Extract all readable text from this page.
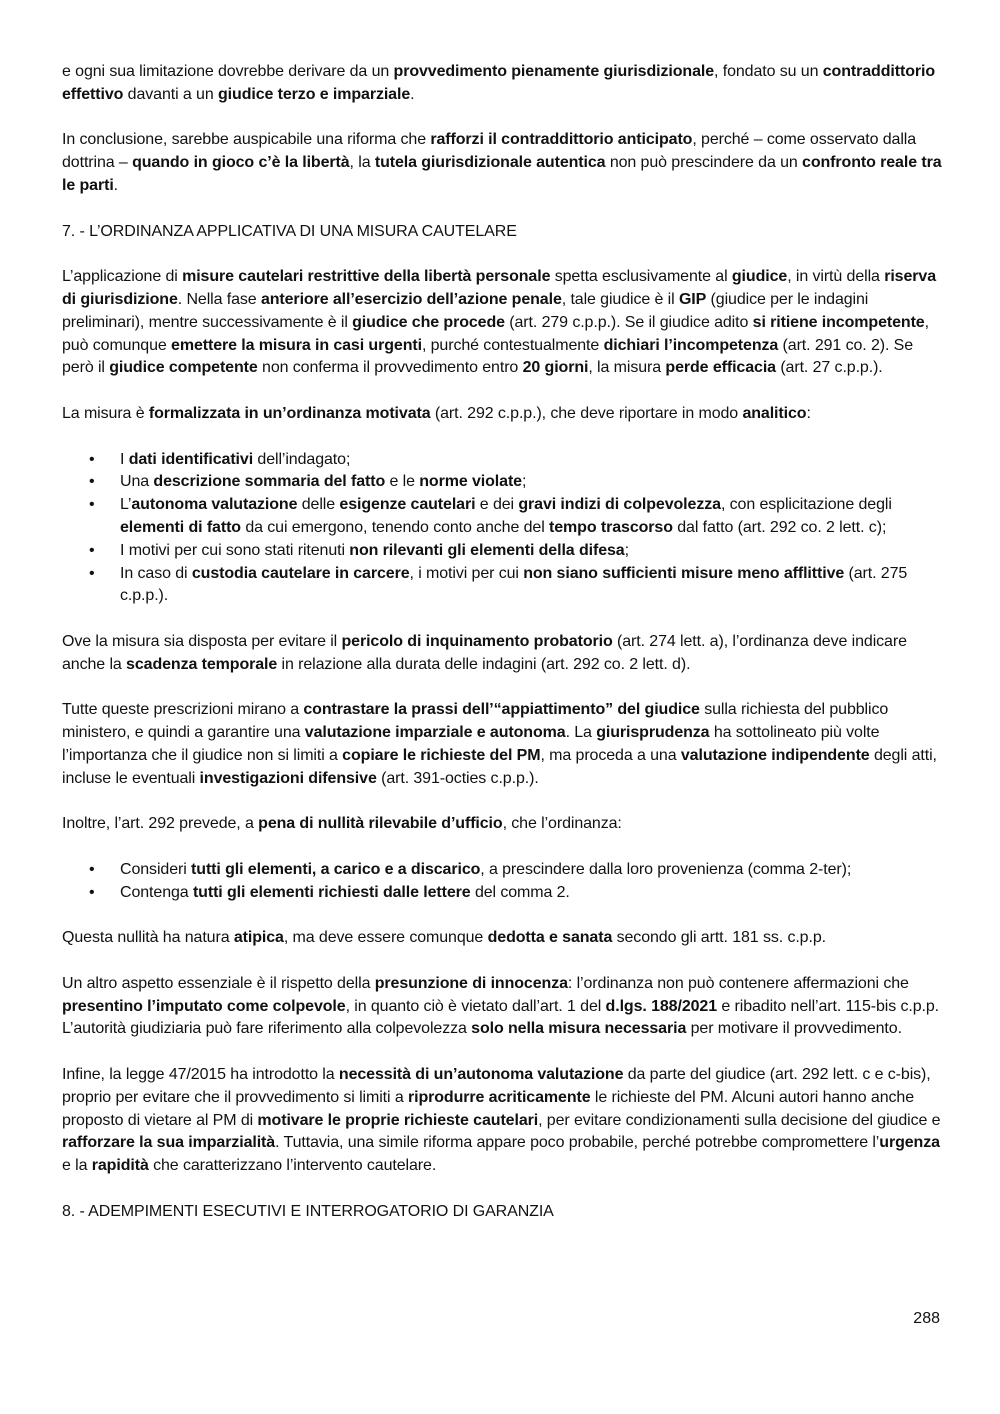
e ogni sua limitazione dovrebbe derivare da un provvedimento pienamente giurisdizionale, fondato su un contraddittorio effettivo davanti a un giudice terzo e imparziale.

In conclusione, sarebbe auspicabile una riforma che rafforzi il contraddittorio anticipato, perché – come osservato dalla dottrina – quando in gioco c’è la libertà, la tutela giurisdizionale autentica non può prescindere da un confronto reale tra le parti.

7. - L’ORDINANZA APPLICATIVA DI UNA MISURA CAUTELARE

L’applicazione di misure cautelari restrittive della libertà personale spetta esclusivamente al giudice, in virtù della riserva di giurisdizione. Nella fase anteriore all’esercizio dell’azione penale, tale giudice è il GIP (giudice per le indagini preliminari), mentre successivamente è il giudice che procede (art. 279 c.p.p.). Se il giudice adito si ritiene incompetente, può comunque emettere la misura in casi urgenti, purché contestualmente dichiari l’incompetenza (art. 291 co. 2). Se però il giudice competente non conferma il provvedimento entro 20 giorni, la misura perde efficacia (art. 27 c.p.p.).

La misura è formalizzata in un’ordinanza motivata (art. 292 c.p.p.), che deve riportare in modo analitico:

• I dati identificativi dell’indagato;
• Una descrizione sommaria del fatto e le norme violate;
• L’autonoma valutazione delle esigenze cautelari e dei gravi indizi di colpevolezza, con esplicitazione degli elementi di fatto da cui emergono, tenendo conto anche del tempo trascorso dal fatto (art. 292 co. 2 lett. c);
• I motivi per cui sono stati ritenuti non rilevanti gli elementi della difesa;
• In caso di custodia cautelare in carcere, i motivi per cui non siano sufficienti misure meno afflittive (art. 275 c.p.p.).

Ove la misura sia disposta per evitare il pericolo di inquinamento probatorio (art. 274 lett. a), l’ordinanza deve indicare anche la scadenza temporale in relazione alla durata delle indagini (art. 292 co. 2 lett. d).

Tutte queste prescrizioni mirano a contrastare la prassi dell’“appiattimento” del giudice sulla richiesta del pubblico ministero, e quindi a garantire una valutazione imparziale e autonoma. La giurisprudenza ha sottolineato più volte l’importanza che il giudice non si limiti a copiare le richieste del PM, ma proceda a una valutazione indipendente degli atti, incluse le eventuali investigazioni difensive (art. 391-octies c.p.p.).

Inoltre, l’art. 292 prevede, a pena di nullità rilevabile d’ufficio, che l’ordinanza:

• Consideri tutti gli elementi, a carico e a discarico, a prescindere dalla loro provenienza (comma 2-ter);
• Contenga tutti gli elementi richiesti dalle lettere del comma 2.

Questa nullità ha natura atipica, ma deve essere comunque dedotta e sanata secondo gli artt. 181 ss. c.p.p.

Un altro aspetto essenziale è il rispetto della presunzione di innocenza: l’ordinanza non può contenere affermazioni che presentino l’imputato come colpevole, in quanto ciò è vietato dall’art. 1 del d.lgs. 188/2021 e ribadito nell’art. 115-bis c.p.p. L’autorità giudiziaria può fare riferimento alla colpevolezza solo nella misura necessaria per motivare il provvedimento.

Infine, la legge 47/2015 ha introdotto la necessità di un’autonoma valutazione da parte del giudice (art. 292 lett. c e c-bis), proprio per evitare che il provvedimento si limiti a riprodurre acriticamente le richieste del PM. Alcuni autori hanno anche proposto di vietare al PM di motivare le proprie richieste cautelari, per evitare condizionamenti sulla decisione del giudice e rafforzare la sua imparzialità. Tuttavia, una simile riforma appare poco probabile, perché potrebbe compromettere l’urgenza e la rapidità che caratterizzano l’intervento cautelare.

8. - ADEMPIMENTI ESECUTIVI E INTERROGATORIO DI GARANZIA
288
